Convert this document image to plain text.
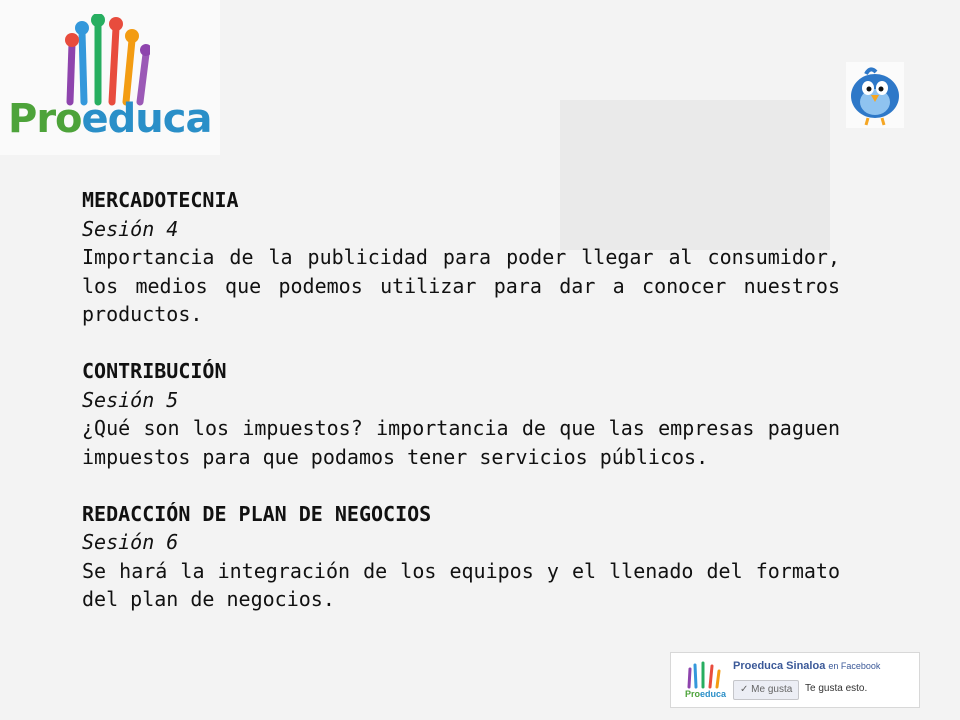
Proeduca

MERCADOTECNIA

Sesión 4

Importancia de la publicidad para poder llegar al consumidor, los medios que podemos utilizar para dar a conocer nuestros productos.

CONTRIBUCIÓN

Sesión 5

¿Qué son los impuestos? importancia de que las empresas paguen impuestos para que podamos tener servicios públicos.

REDACCIÓN DE PLAN DE NEGOCIOS

Sesión 6

Se hará la integración de los equipos y el llenado del formato del plan de negocios.

Proeduca
Proeduca Sinaloa en Facebook
✓ Me gusta	Te gusta esto.
